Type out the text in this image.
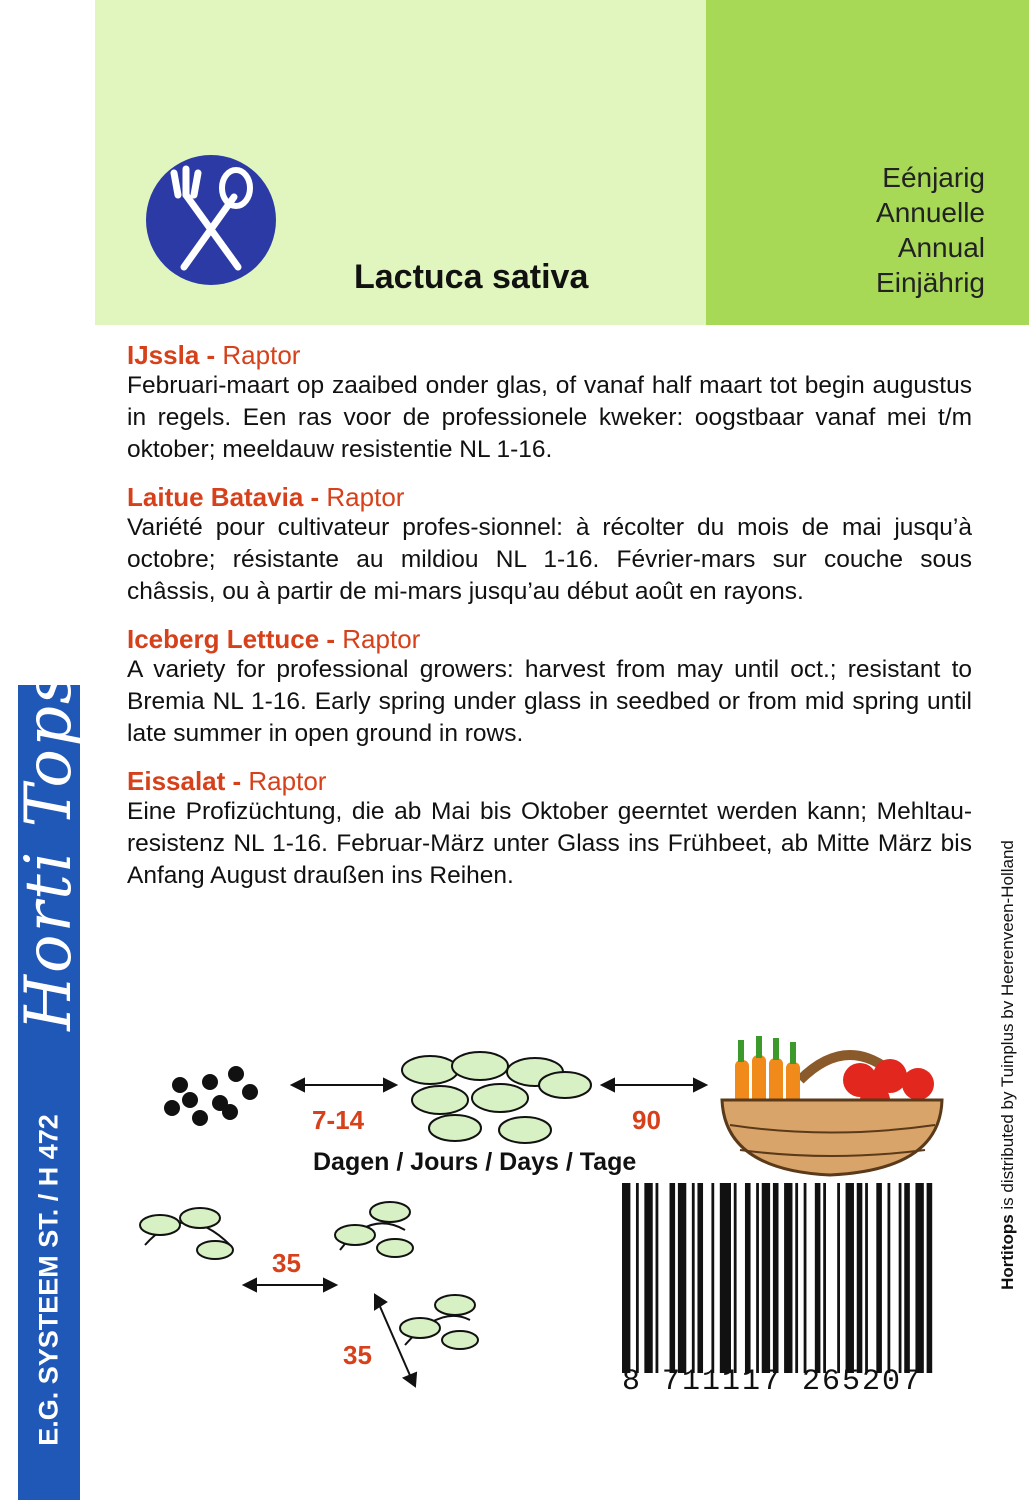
Horti Tops
E.G. SYSTEEM ST. / H 472
Lactuca sativa
Eénjarig
Annuelle
Annual
Einjährig
IJssla - Raptor
Februari-maart op zaaibed onder glas, of vanaf half maart tot begin augustus in regels. Een ras voor de professionele kweker: oogstbaar vanaf mei t/m oktober; meeldauw resistentie NL 1-16.
Laitue Batavia - Raptor
Variété pour cultivateur profes-sionnel: à récolter du mois de mai jusqu’à octobre; résistante au mildiou NL 1-16. Février-mars sur couche sous châssis, ou à partir de mi-mars jusqu’au début août en rayons.
Iceberg Lettuce - Raptor
A variety for professional growers: harvest from may until oct.; resistant to Bremia NL 1-16. Early spring under glass in seedbed or from mid spring until late summer in open ground in rows.
Eissalat - Raptor
Eine Profizüchtung, die ab Mai bis Oktober geerntet werden kann; Mehltau-resistenz NL 1-16. Februar-März unter Glass ins Frühbeet, ab Mitte März bis Anfang August draußen ins Reihen.
7-14	90
Dagen / Jours / Days / Tage
35
35
8 711117 265207
Hortitops is distributed by Tuinplus bv Heerenveen-Holland
